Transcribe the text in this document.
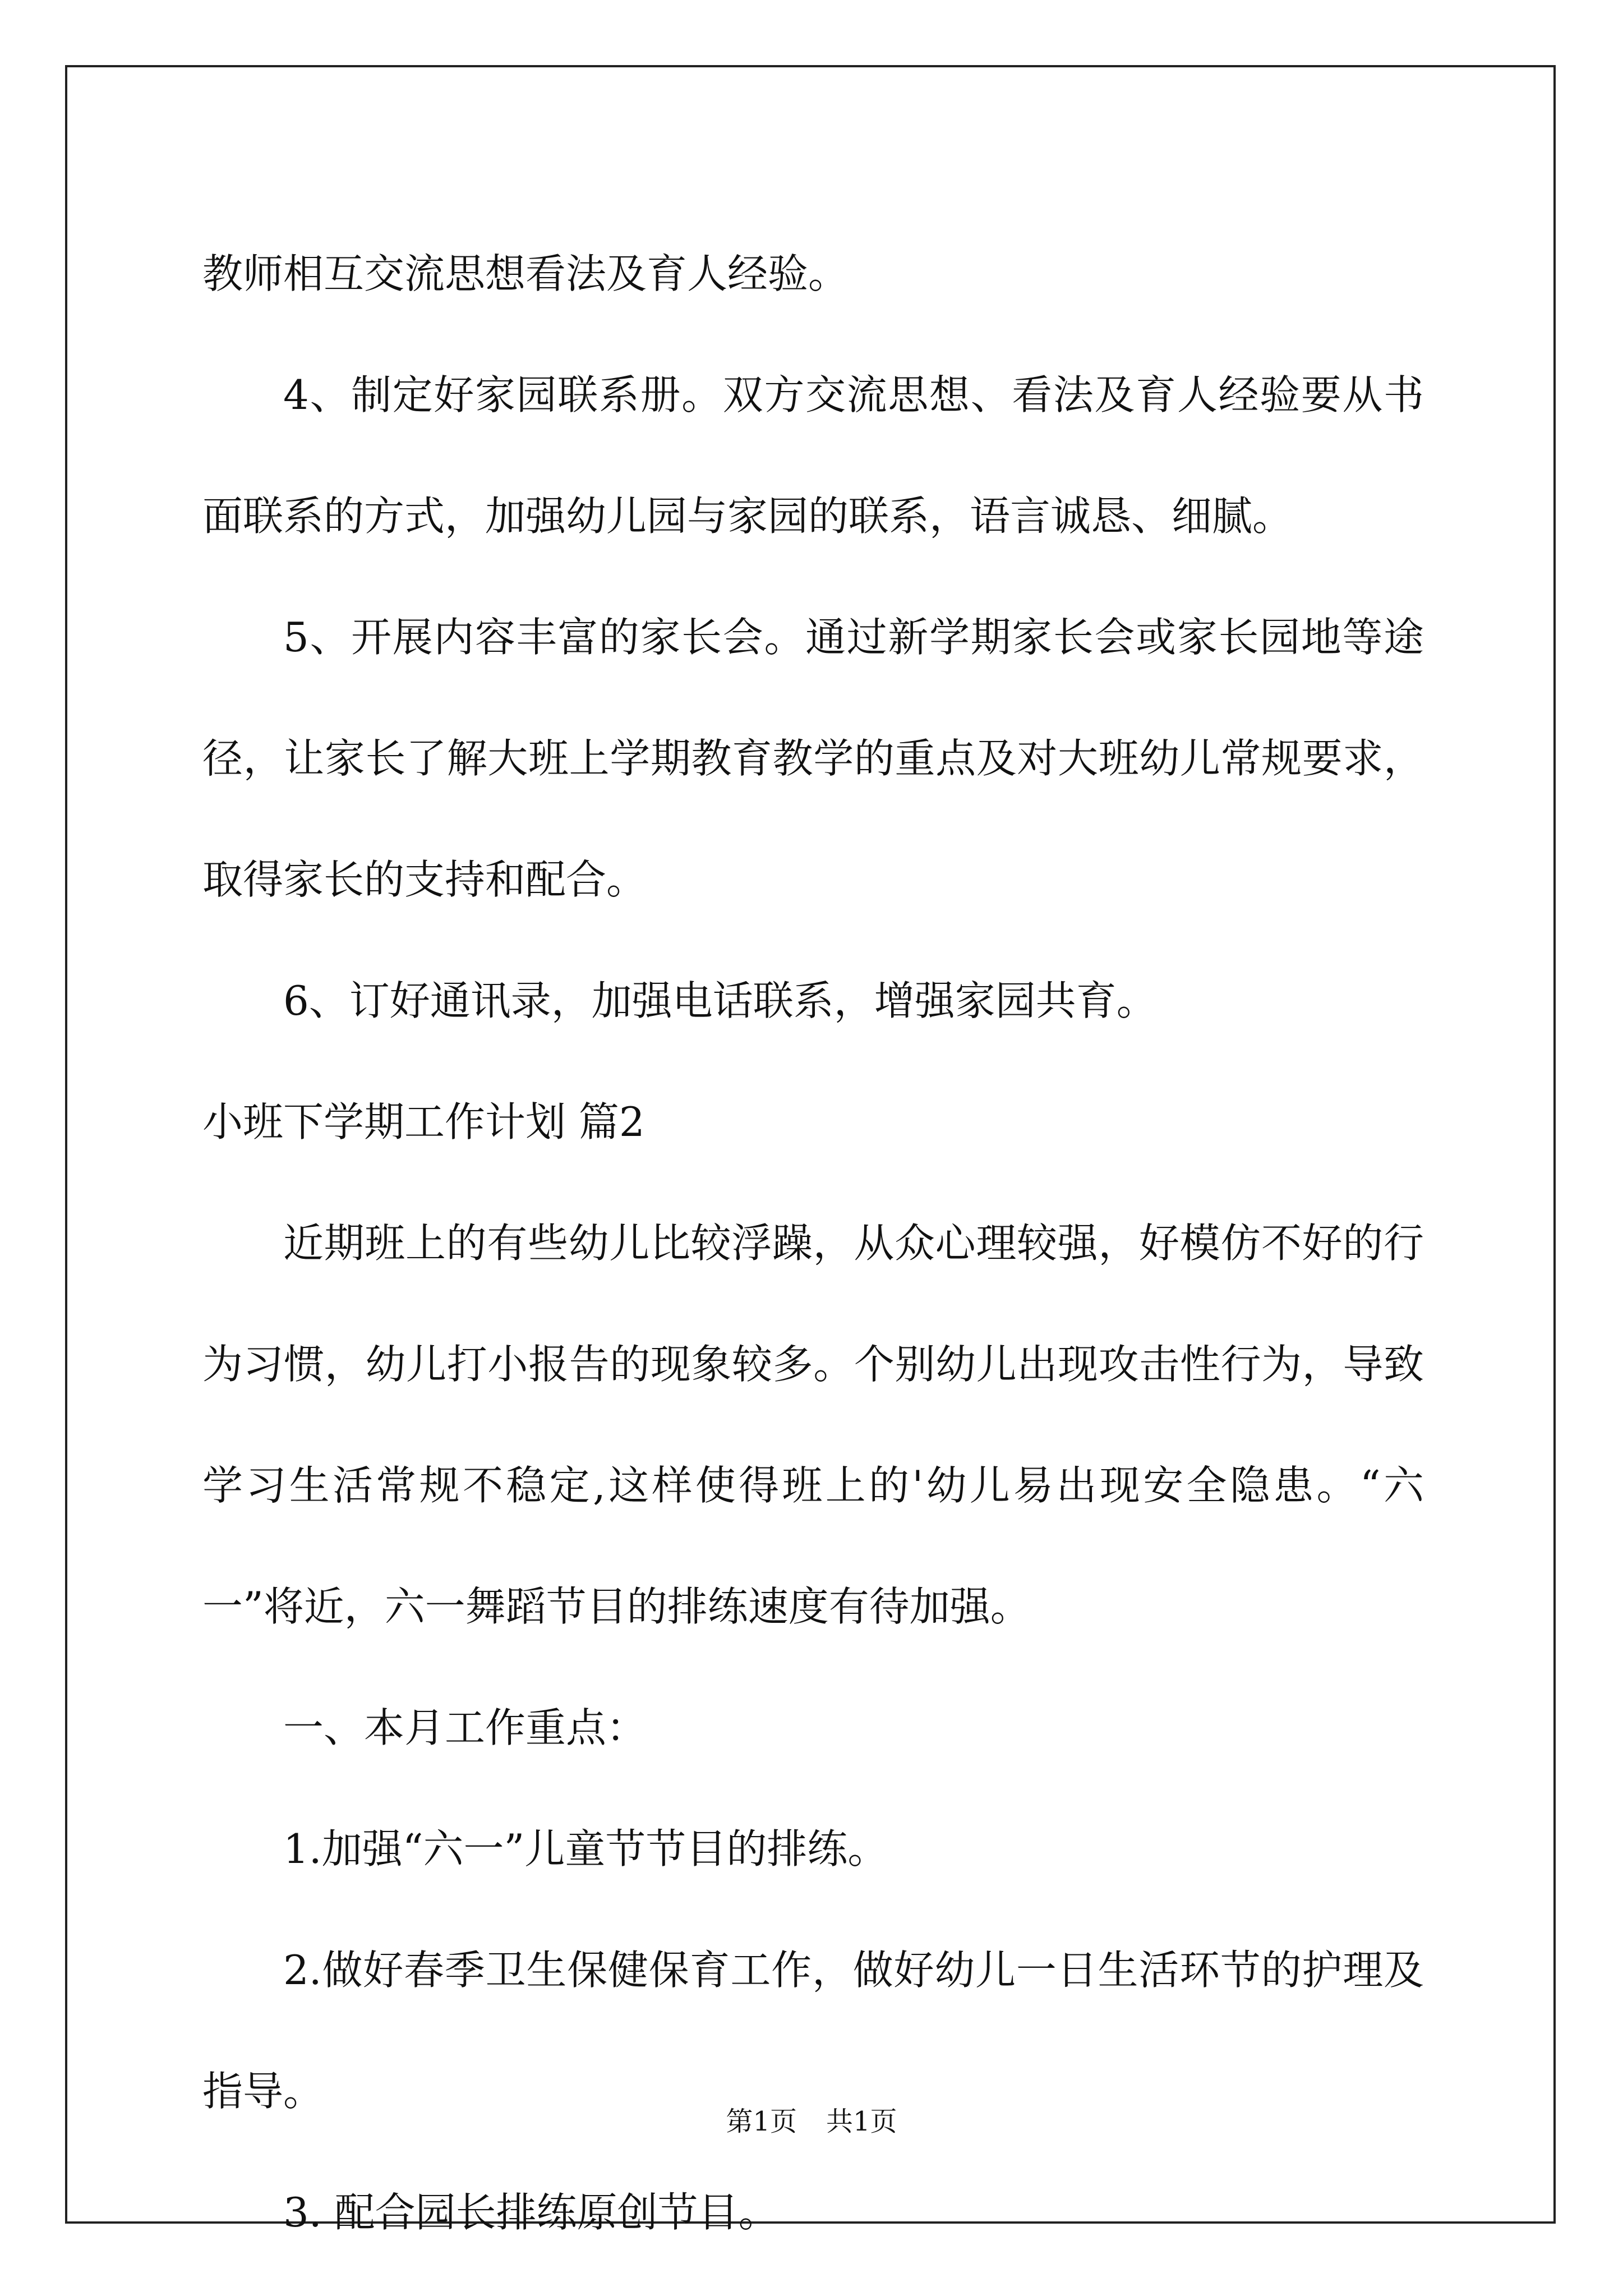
教师相互交流思想看法及育人经验。

4、制定好家园联系册。双方交流思想、看法及育人经验要从书面联系的方式，加强幼儿园与家园的联系，语言诚恳、细腻。

5、开展内容丰富的家长会。通过新学期家长会或家长园地等途径，让家长了解大班上学期教育教学的重点及对大班幼儿常规要求，取得家长的支持和配合。

6、订好通讯录，加强电话联系，增强家园共育。

小班下学期工作计划 篇2

近期班上的有些幼儿比较浮躁，从众心理较强，好模仿不好的行为习惯，幼儿打小报告的现象较多。个别幼儿出现攻击性行为，导致学习生活常规不稳定,这样使得班上的'幼儿易出现安全隐患。“六一”将近，六一舞蹈节目的排练速度有待加强。

一、本月工作重点：

1.加强“六一”儿童节节目的排练。

2.做好春季卫生保健保育工作，做好幼儿一日生活环节的护理及指导。

3. 配合园长排练原创节目。

第1页 共1页
